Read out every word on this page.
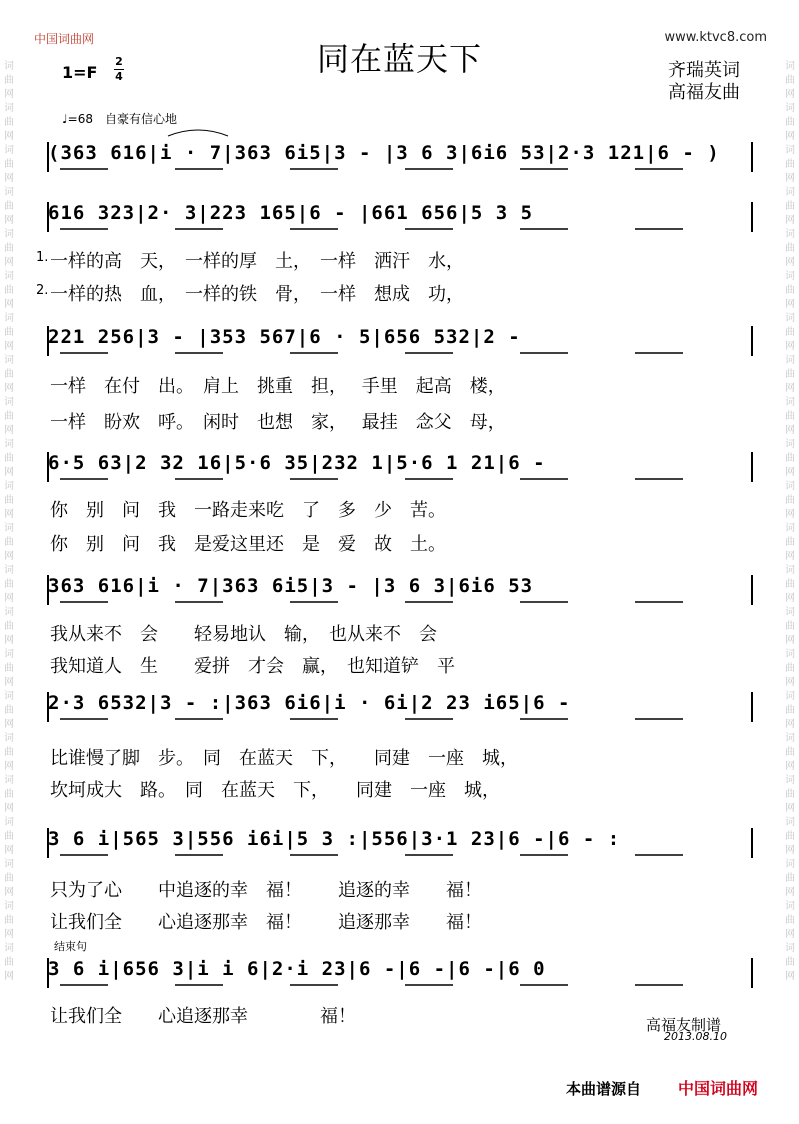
词曲网词曲网词曲网词曲网词曲网词曲网词曲网词曲网词曲网词曲网词曲网词曲网词曲网词曲网词曲网词曲网词曲网词曲网词曲网词曲网词曲网词曲网
词曲网词曲网词曲网词曲网词曲网词曲网词曲网词曲网词曲网词曲网词曲网词曲网词曲网词曲网词曲网词曲网词曲网词曲网词曲网词曲网词曲网词曲网
中国词曲网	www.ktvc8.com
同在蓝天下
1=F
2
4	齐瑞英词
高福友曲
♩=68　自豪有信心地
(363 616|i · 7|363 6i5|3 - |3 6 3|6i6 53|2·3 121|6 - )
616 323|2· 3|223 165|6 - |661 656|5 3 5
221 256|3 - |353 567|6 · 5|656 532|2 -
6·5 63|2 32 16|5·6 35|232 1|5·6 1 21|6 -
363 616|i · 7|363 6i5|3 - |3 6 3|6i6 53
2·3 6532|3 - :|363 6i6|i · 6i|2 23 i65|6 -
3 6 i|565 3|556 i6i|5 3 :|556|3·1 23|6 -|6 - :
3 6 i|656 3|i i 6|2·i 23|6 -|6 -|6 -|6 0
1. 一样的高　天，　一样的厚　土，　一样　洒汗　水，
2. 一样的热　血，　一样的铁　骨，　一样　想成　功，
一样　在付　出。　肩上　挑重　担，　 手里　起高　楼，
一样　盼欢　呼。　闲时　也想　家，　 最挂　念父　母，
你　别　问　我　一路走来吃　了　多　少　苦。
你　别　问　我　是爱这里还　是　爱　故　土。
我从来不　会　　轻易地认　输，　也从来不　会
我知道人　生　　爱拼　才会　赢，　也知道铲　平
比谁慢了脚　步。　同　在蓝天　下，　　同建　一座　城，
坎坷成大　路。　同　在蓝天　下，　　同建　一座　城，
只为了心　　中追逐的幸　福！　　追逐的幸　　福！
让我们全　　心追逐那幸　福！　　追逐那幸　　福！
让我们全　　心追逐那幸　　　　福！
结束句
高福友制谱
2013.08.10
本曲谱源自 中国词曲网
